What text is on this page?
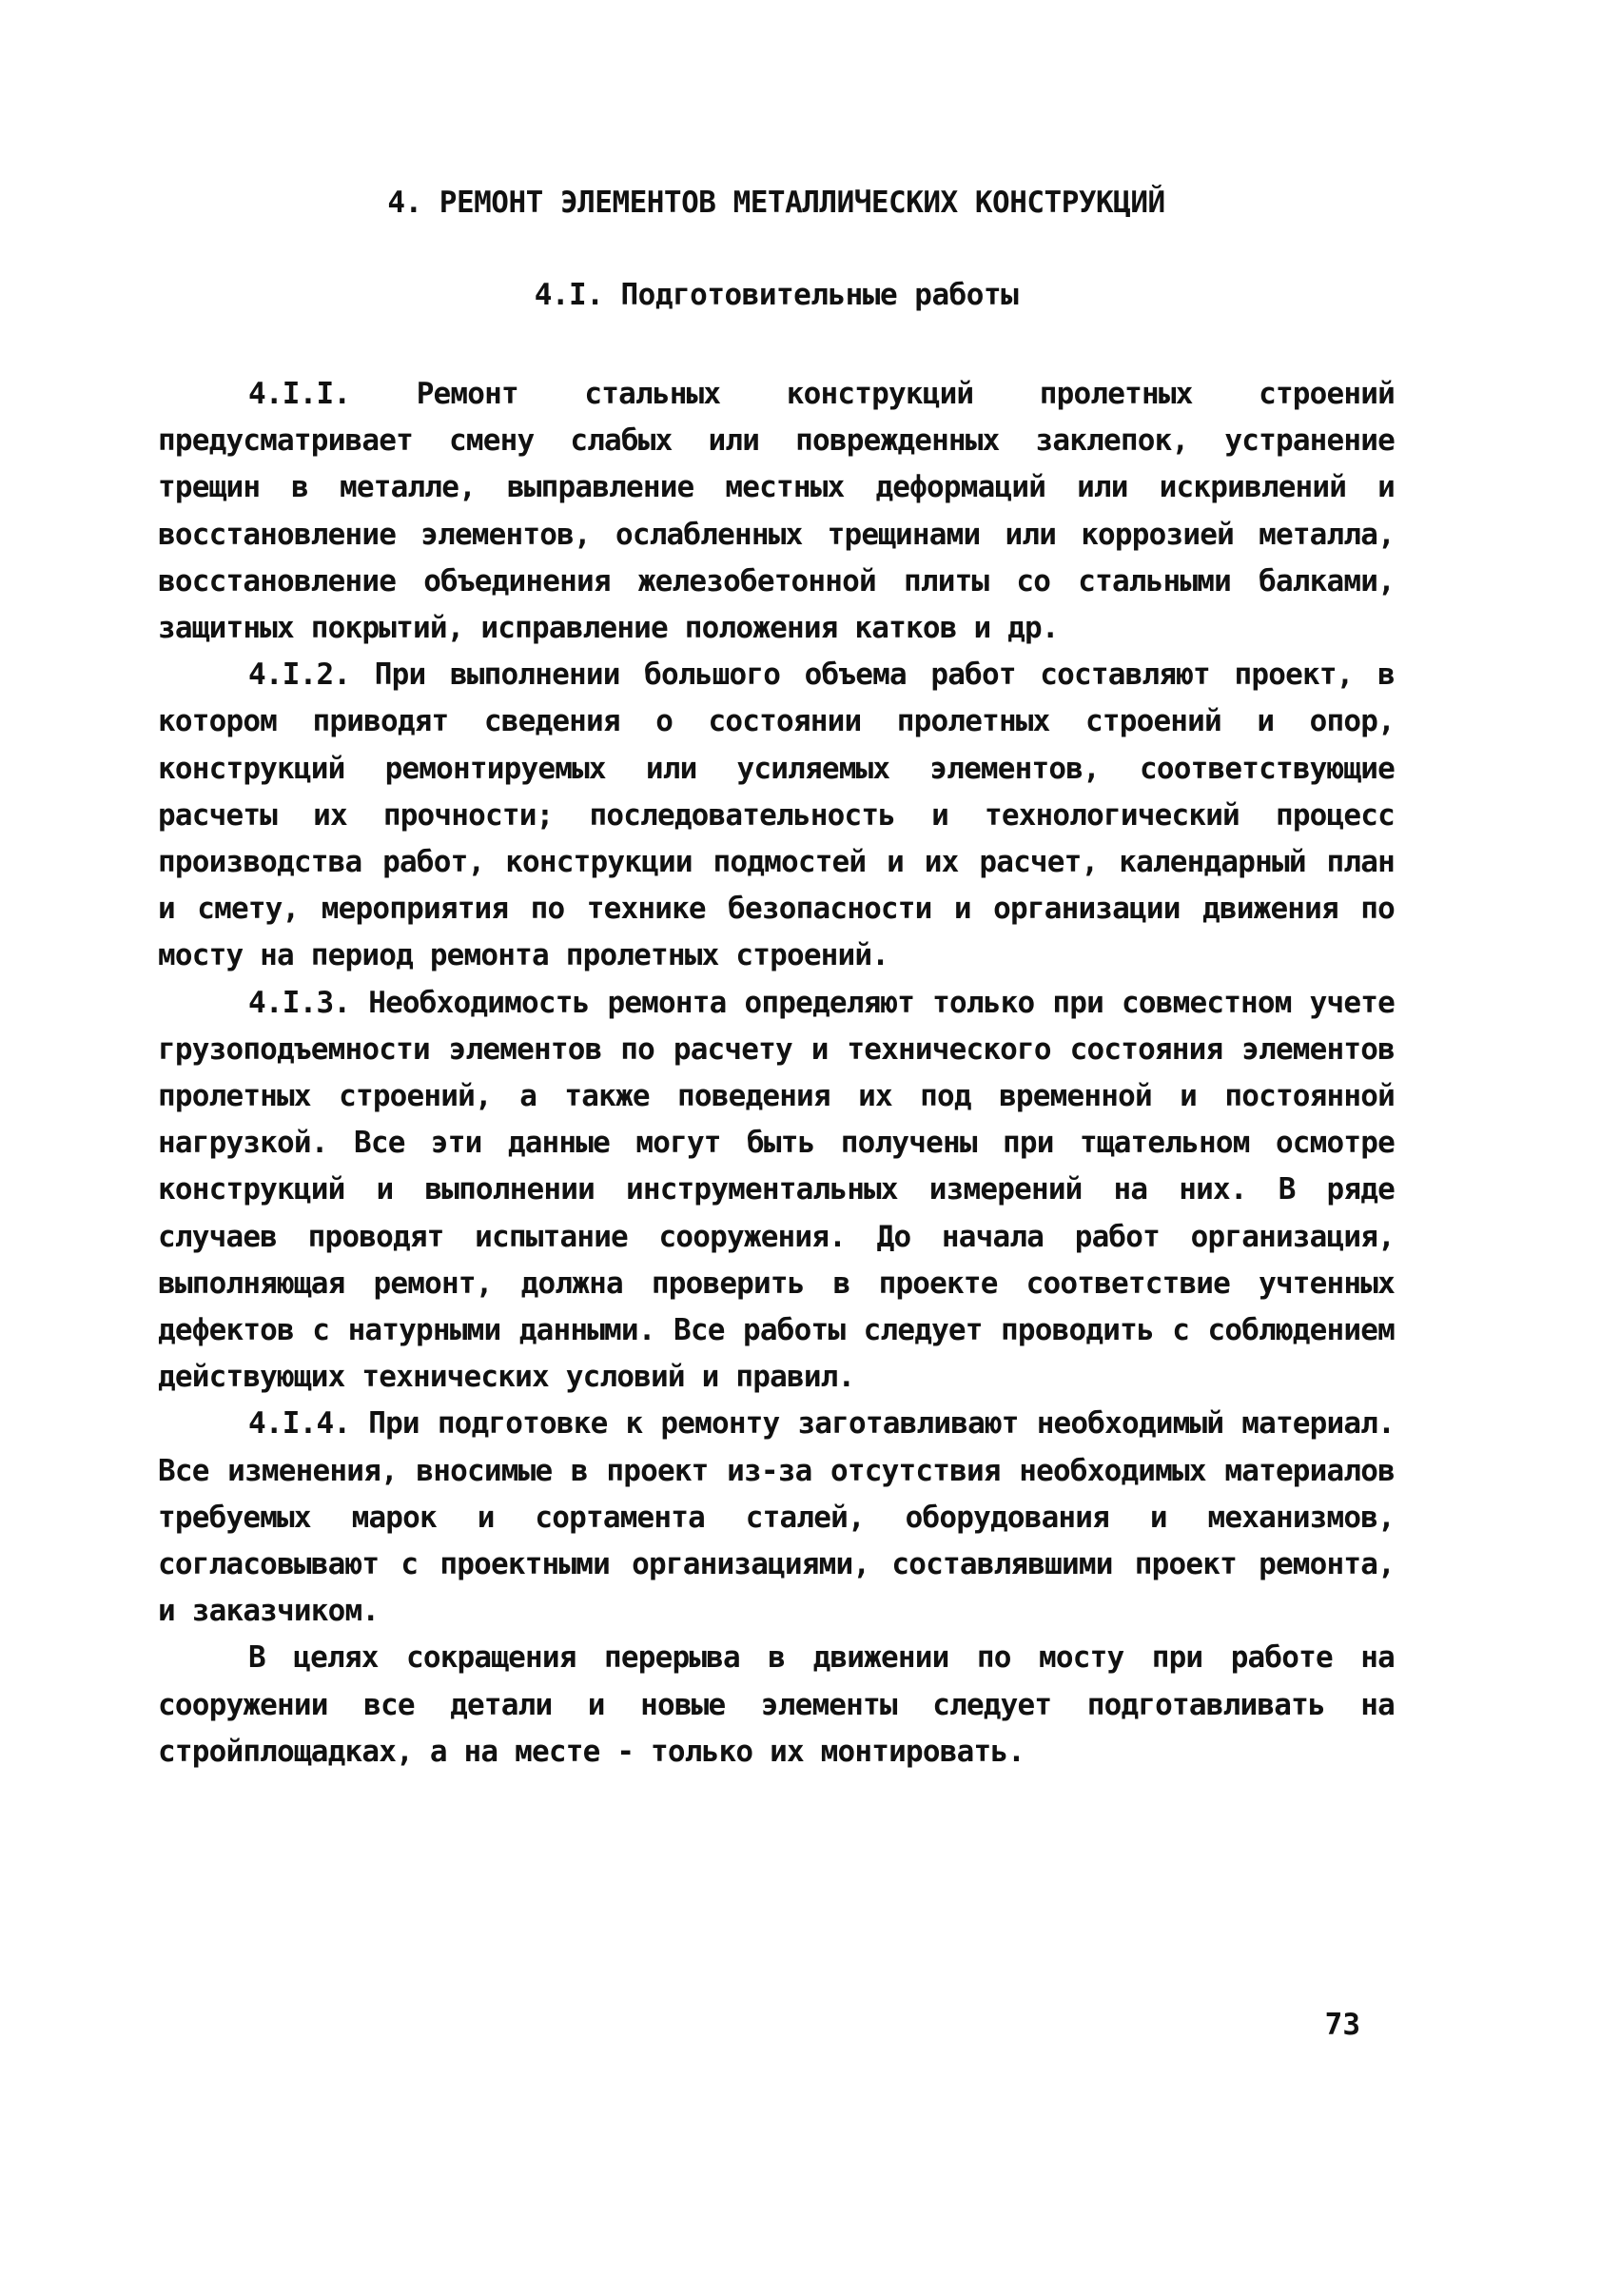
4. РЕМОНТ ЭЛЕМЕНТОВ МЕТАЛЛИЧЕСКИХ КОНСТРУКЦИЙ
4.I. Подготовительные работы

4.I.I. Ремонт стальных конструкций пролетных строений предусматривает смену слабых или поврежденных заклепок, устранение трещин в металле, выправление местных деформаций или искривлений и восстановление элементов, ослабленных трещинами или коррозией металла, восстановление объединения железобетонной плиты со стальными балками, защитных покрытий, исправление положения катков и др.

4.I.2. При выполнении большого объема работ составляют проект, в котором приводят сведения о состоянии пролетных строений и опор, конструкций ремонтируемых или усиляемых элементов, соответствующие расчеты их прочности; последовательность и технологический процесс производства работ, конструкции подмостей и их расчет, календарный план и смету, мероприятия по технике безопасности и организации движения по мосту на период ремонта пролетных строений.

4.I.3. Необходимость ремонта определяют только при совместном учете грузоподъемности элементов по расчету и технического состояния элементов пролетных строений, а также поведения их под временной и постоянной нагрузкой. Все эти данные могут быть получены при тщательном осмотре конструкций и выполнении инструментальных измерений на них. В ряде случаев проводят испытание сооружения. До начала работ организация, выполняющая ремонт, должна проверить в проекте соответствие учтенных дефектов с натурными данными. Все работы следует проводить с соблюдением действующих технических условий и правил.

4.I.4. При подготовке к ремонту заготавливают необходимый материал. Все изменения, вносимые в проект из-за отсутствия необходимых материалов требуемых марок и сортамента сталей, оборудования и механизмов, согласовывают с проектными организациями, составлявшими проект ремонта, и заказчиком.

В целях сокращения перерыва в движении по мосту при работе на сооружении все детали и новые элементы следует подготавливать на стройплощадках, а на месте - только их монтировать.

73
